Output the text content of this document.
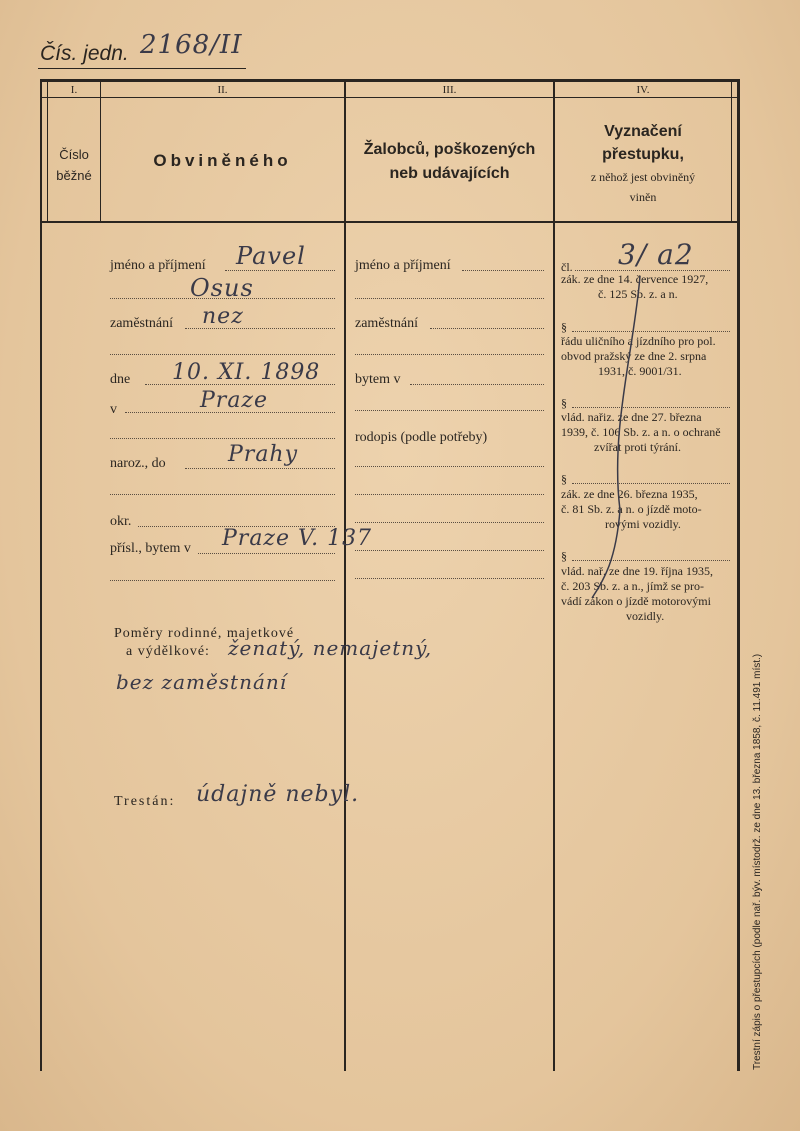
Čís. jedn. 2168/II
I.	II.	III.	IV.
Číslo
běžné
Obviněného
Žalobců, poškozených
neb udávajících
Vyznačení
přestupku,
z něhož jest obviněný
viněn
jméno a příjmení Pavel
Osus
zaměstnání nez
dne 10. XI. 1898
v	Praze
naroz., do	Prahy
okr.
přísl., bytem v Praze V. 137
Poměry rodinné, majetkové
a výdělkové: ženatý, nemajetný,
bez zaměstnání
Trestán: údajně nebyl.
jméno a příjmení
zaměstnání
bytem v
rodopis (podle potřeby)
čl. 3/ a2
zák. ze dne 14. července 1927,
č. 125 Sb. z. a n.
§
řádu uličního a jízdního pro pol.
obvod pražský ze dne 2. srpna
1931, č. 9001/31.
§
vlád. nařiz. ze dne 27. března
1939, č. 106 Sb. z. a n. o ochraně
zvířat proti týrání.
§
zák. ze dne 26. března 1935,
č. 81 Sb. z. a n. o jízdě moto-
rovými vozidly.
§
vlád. nař. ze dne 19. října 1935,
č. 203 Sb. z. a n., jímž se pro-
vádí zákon o jízdě motorovými
vozidly.
Trestní zápis o přestupcích (podle nař. býv. místodrž. ze dne 13. března 1858, č. 11.491 míst.)
